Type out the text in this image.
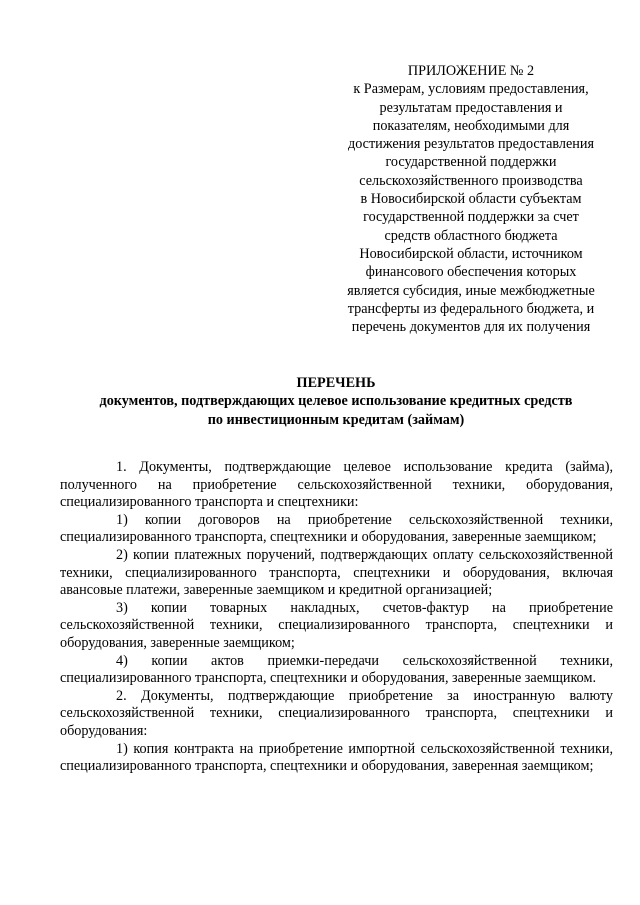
ПРИЛОЖЕНИЕ № 2
к Размерам, условиям предоставления,
результатам предоставления и
показателям, необходимыми для
достижения результатов предоставления
государственной поддержки
сельскохозяйственного производства
в Новосибирской области субъектам
государственной поддержки за счет
средств областного бюджета
Новосибирской области, источником
финансового обеспечения которых
является субсидия, иные межбюджетные
трансферты из федерального бюджета, и
перечень документов для их получения
ПЕРЕЧЕНЬ
документов, подтверждающих целевое использование кредитных средств
по инвестиционным кредитам (займам)

1. Документы, подтверждающие целевое использование кредита (займа), полученного на приобретение сельскохозяйственной техники, оборудования, специализированного транспорта и спецтехники:

1) копии договоров на приобретение сельскохозяйственной техники, специализированного транспорта, спецтехники и оборудования, заверенные заемщиком;

2) копии платежных поручений, подтверждающих оплату сельскохозяйственной техники, специализированного транспорта, спецтехники и оборудования, включая авансовые платежи, заверенные заемщиком и кредитной организацией;

3) копии товарных накладных, счетов-фактур на приобретение сельскохозяйственной техники, специализированного транспорта, спецтехники и оборудования, заверенные заемщиком;

4) копии актов приемки-передачи сельскохозяйственной техники, специализированного транспорта, спецтехники и оборудования, заверенные заемщиком.

2. Документы, подтверждающие приобретение за иностранную валюту сельскохозяйственной техники, специализированного транспорта, спецтехники и оборудования:

1) копия контракта на приобретение импортной сельскохозяйственной техники, специализированного транспорта, спецтехники и оборудования, заверенная заемщиком;
